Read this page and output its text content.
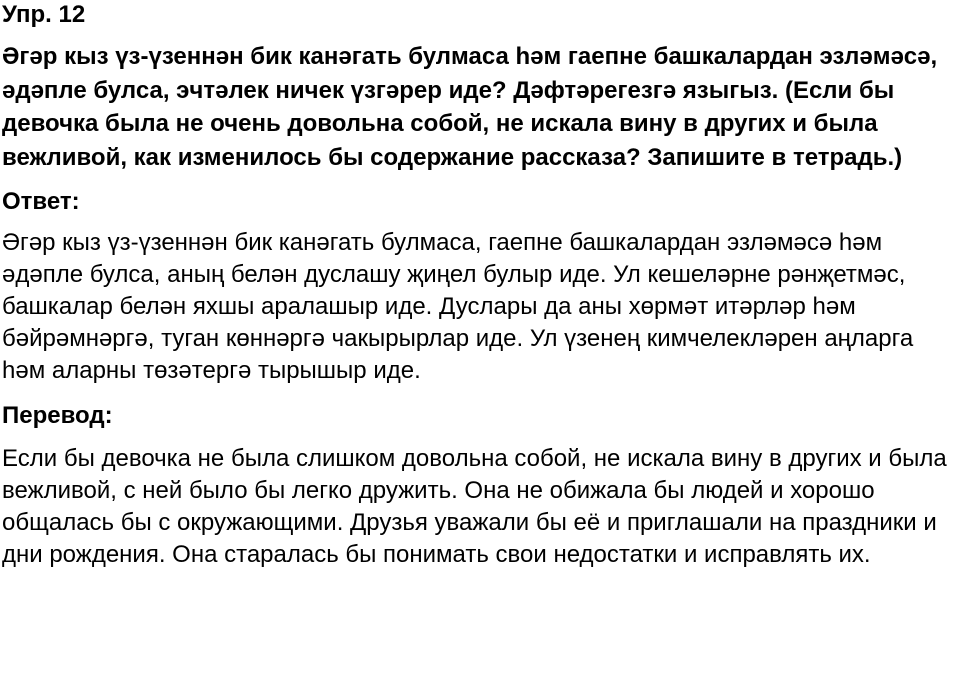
Упр. 12

Әгәр кыз үз-үзеннән бик канәгать булмаса һәм гаепне башкалардан эзләмәсә, әдәпле булса, эчтәлек ничек үзгәрер иде? Дәфтәрегезгә языгыз. (Если бы девочка была не очень довольна собой, не искала вину в других и была вежливой, как изменилось бы содержание рассказа? Запишите в тетрадь.)

Ответ:

Әгәр кыз үз-үзеннән бик канәгать булмаса, гаепне башкалардан эзләмәсә һәм әдәпле булса, аның белән дуслашу җиңел булыр иде. Ул кешеләрне рәнҗетмәс, башкалар белән яхшы аралашыр иде. Дуслары да аны хөрмәт итәрләр һәм бәйрәмнәргә, туган көннәргә чакырырлар иде. Ул үзенең кимчелекләрен аңларга һәм аларны төзәтергә тырышыр иде.

Перевод:

Если бы девочка не была слишком довольна собой, не искала вину в других и была вежливой, с ней было бы легко дружить. Она не обижала бы людей и хорошо общалась бы с окружающими. Друзья уважали бы её и приглашали на праздники и дни рождения. Она старалась бы понимать свои недостатки и исправлять их.
